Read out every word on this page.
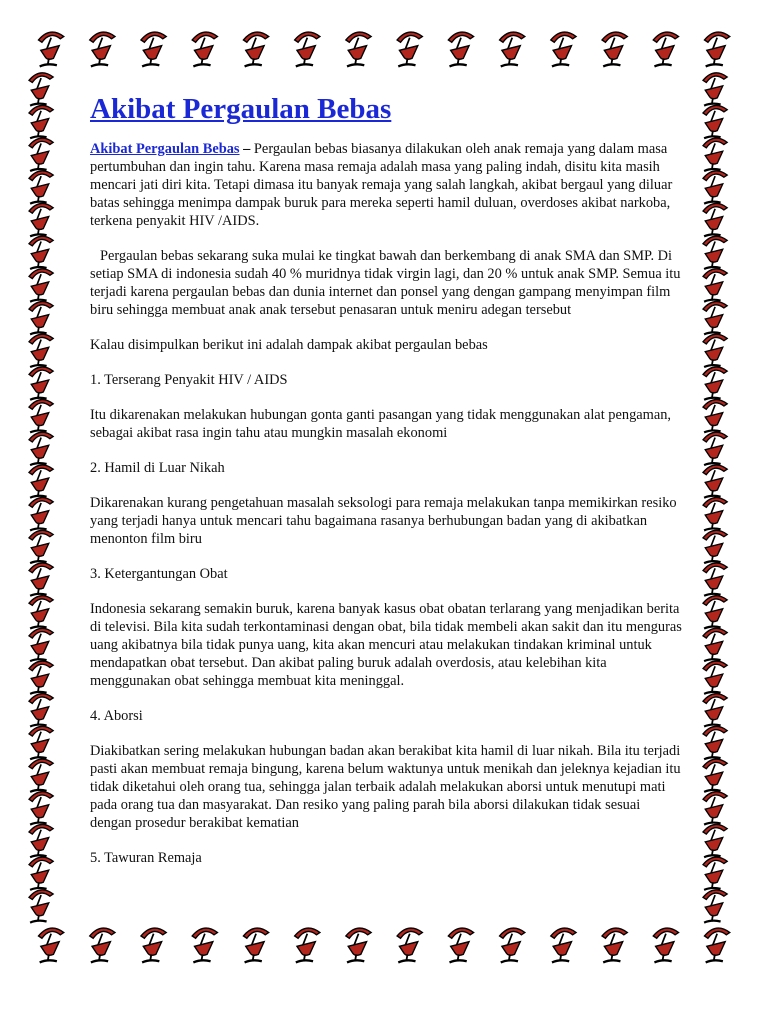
Akibat Pergaulan Bebas

Akibat Pergaulan Bebas – Pergaulan bebas biasanya dilakukan oleh anak remaja yang dalam masa pertumbuhan dan ingin tahu. Karena masa remaja adalah masa yang paling indah, disitu kita masih mencari jati diri kita. Tetapi dimasa itu banyak remaja yang salah langkah, akibat bergaul yang diluar batas sehingga menimpa dampak buruk para mereka seperti hamil duluan, overdoses akibat narkoba, terkena penyakit HIV /AIDS.

Pergaulan bebas sekarang suka mulai ke tingkat bawah dan berkembang di anak SMA dan SMP. Di setiap SMA di indonesia sudah 40 % muridnya tidak virgin lagi, dan 20 % untuk anak SMP. Semua itu terjadi karena pergaulan bebas dan dunia internet dan ponsel yang dengan gampang menyimpan film biru sehingga membuat anak anak tersebut penasaran untuk meniru adegan tersebut

Kalau disimpulkan berikut ini adalah dampak akibat pergaulan bebas

1. Terserang Penyakit HIV / AIDS

Itu dikarenakan melakukan hubungan gonta ganti pasangan yang tidak menggunakan alat pengaman, sebagai akibat rasa ingin tahu atau mungkin masalah ekonomi

2. Hamil di Luar Nikah

Dikarenakan kurang pengetahuan masalah seksologi para remaja melakukan tanpa memikirkan resiko yang terjadi hanya untuk mencari tahu bagaimana rasanya berhubungan badan yang di akibatkan menonton film biru

3. Ketergantungan Obat

Indonesia sekarang semakin buruk, karena banyak kasus obat obatan terlarang yang menjadikan berita di televisi. Bila kita sudah terkontaminasi dengan obat, bila tidak membeli akan sakit dan itu menguras uang akibatnya bila tidak punya uang, kita akan mencuri atau melakukan tindakan kriminal untuk mendapatkan obat tersebut. Dan akibat paling buruk adalah overdosis, atau kelebihan kita menggunakan obat sehingga membuat kita meninggal.

4. Aborsi

Diakibatkan sering melakukan hubungan badan akan berakibat kita hamil di luar nikah. Bila itu terjadi pasti akan membuat remaja bingung, karena belum waktunya untuk menikah dan jeleknya kejadian itu tidak diketahui oleh orang tua, sehingga jalan terbaik adalah melakukan aborsi untuk menutupi mati pada orang tua dan masyarakat. Dan resiko yang paling parah bila aborsi dilakukan tidak sesuai dengan prosedur berakibat kematian

5. Tawuran Remaja
